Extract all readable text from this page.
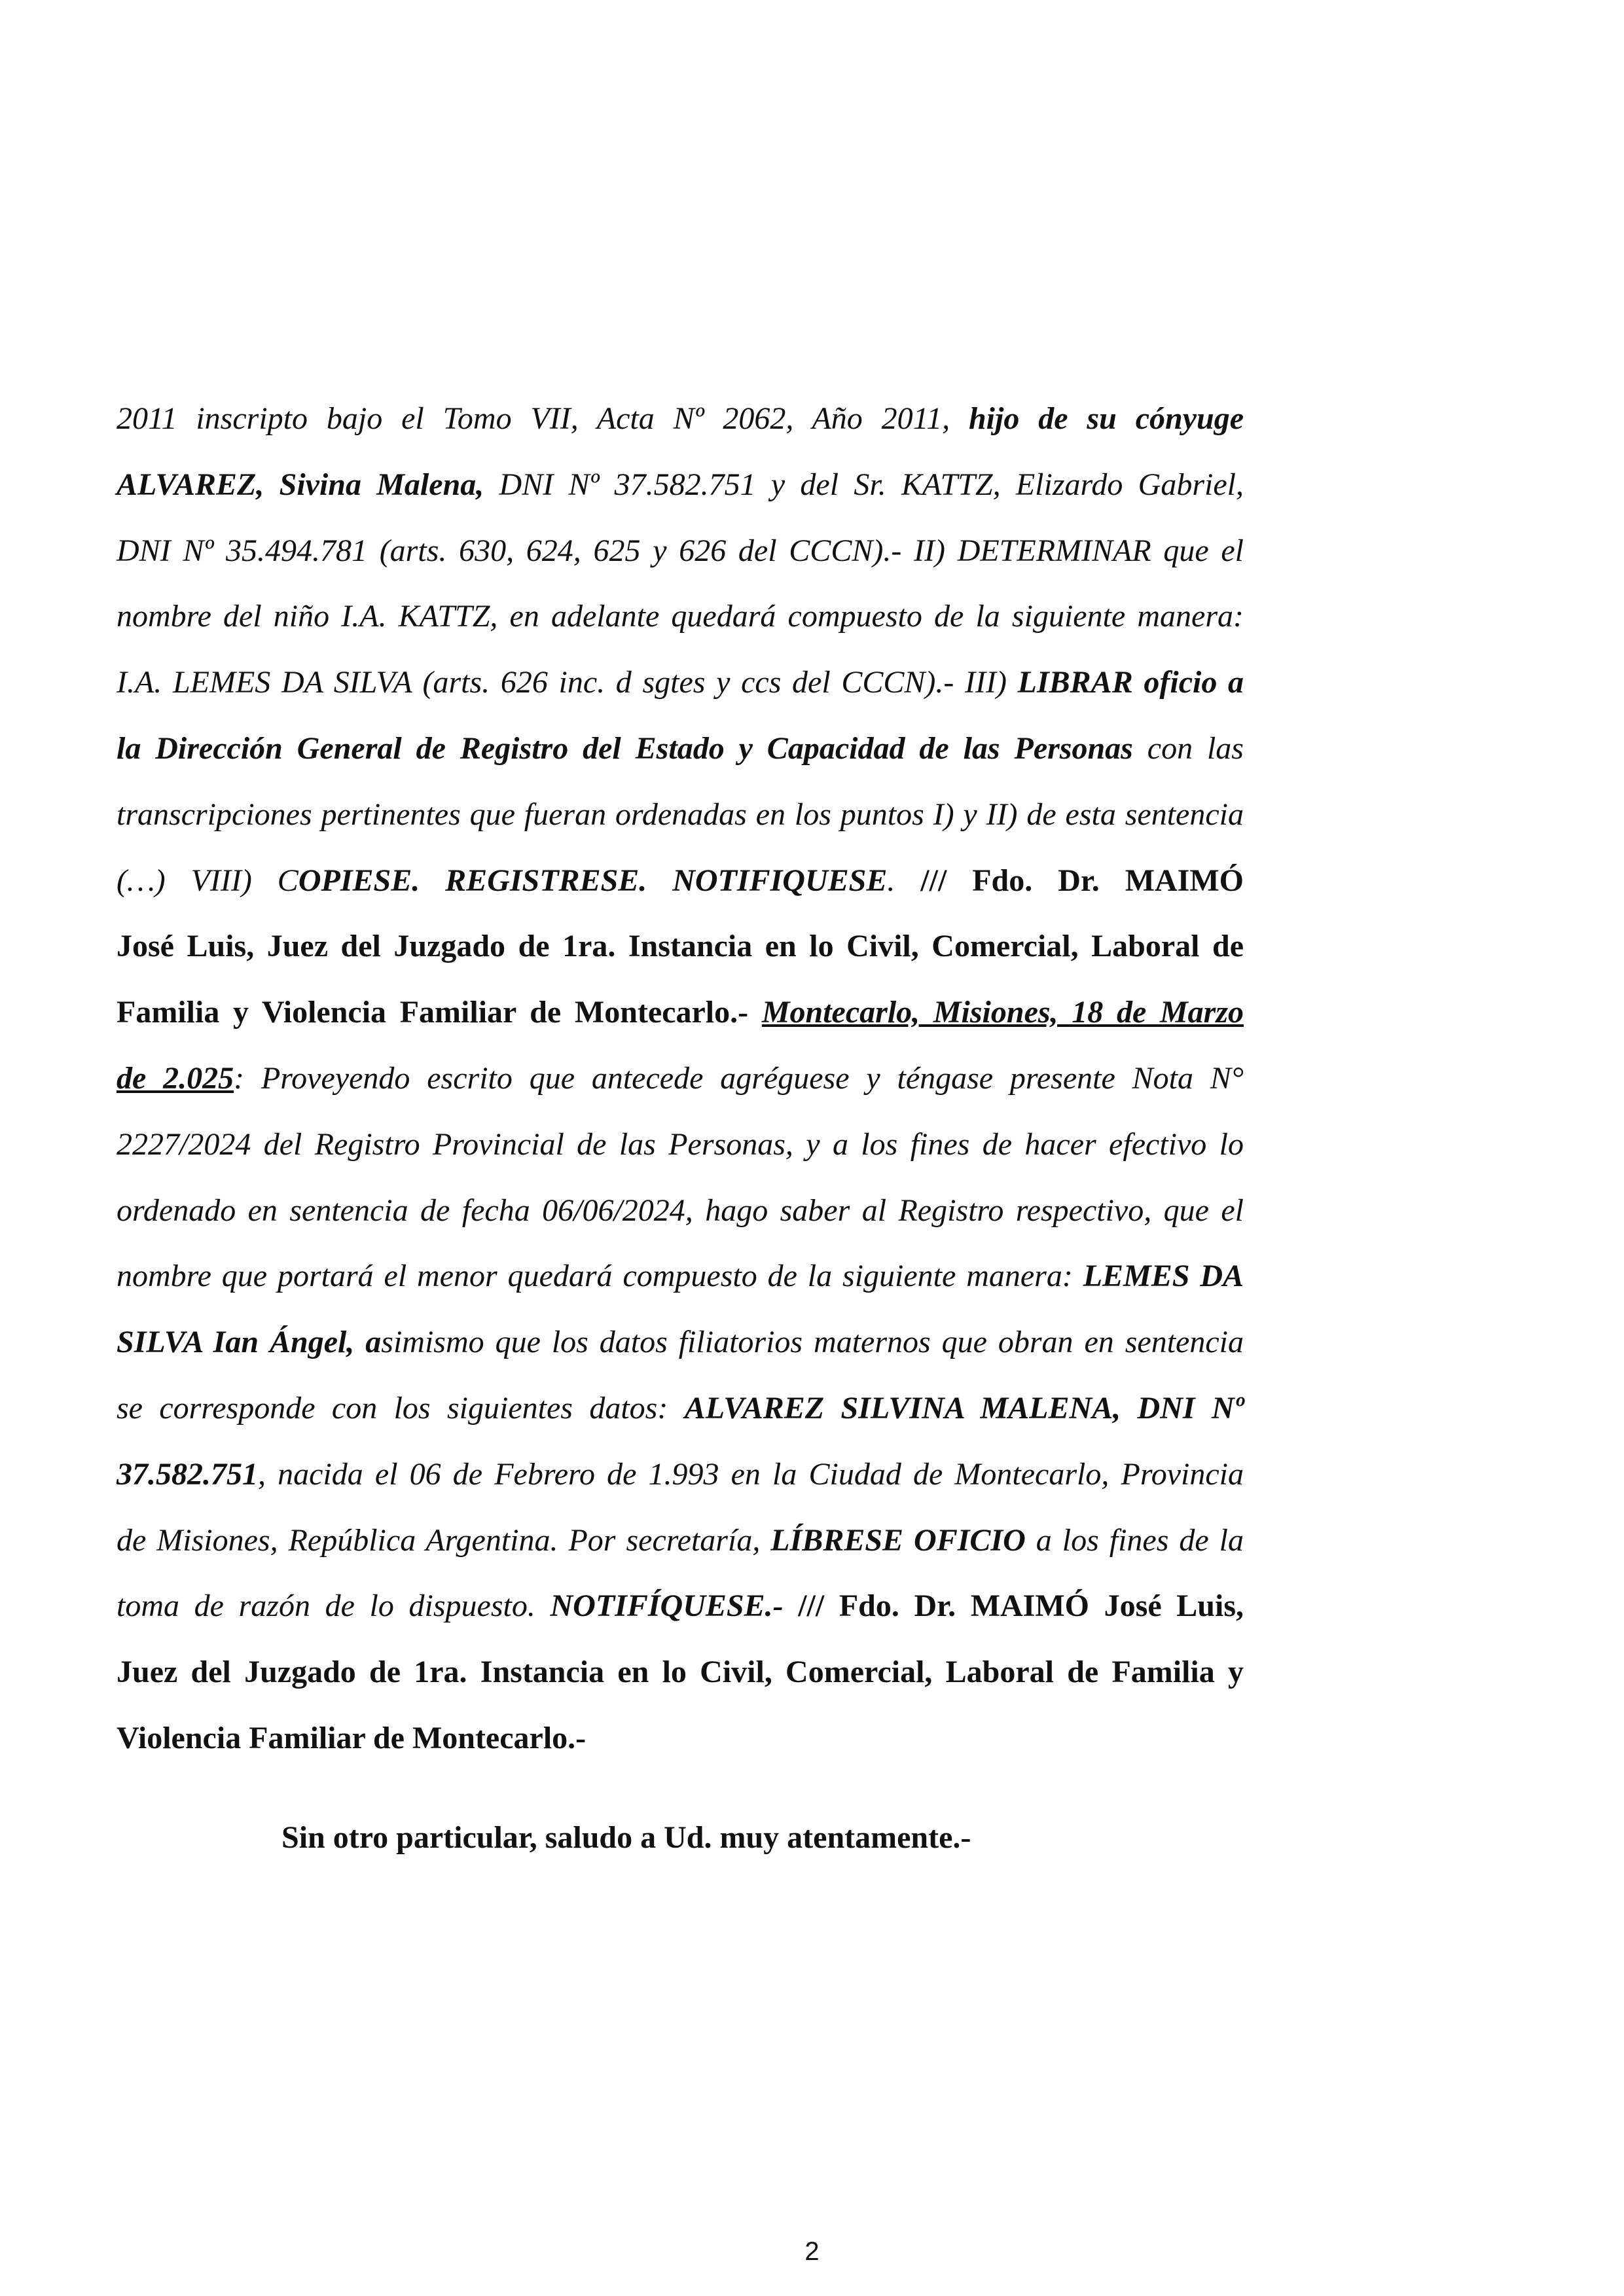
2011 inscripto bajo el Tomo VII, Acta Nº 2062, Año 2011, hijo de su cónyuge
ALVAREZ, Sivina Malena, DNI Nº 37.582.751 y del Sr. KATTZ, Elizardo Gabriel,
DNI Nº 35.494.781 (arts. 630, 624, 625 y 626 del CCCN).- II) DETERMINAR que el
nombre del niño I.A. KATTZ, en adelante quedará compuesto de la siguiente manera:
I.A. LEMES DA SILVA (arts. 626 inc. d sgtes y ccs del CCCN).- III) LIBRAR oficio a
la Dirección General de Registro del Estado y Capacidad de las Personas con las
transcripciones pertinentes que fueran ordenadas en los puntos I) y II) de esta sentencia
(…) VIII) COPIESE. REGISTRESE. NOTIFIQUESE. /// Fdo. Dr. MAIMÓ
José Luis, Juez del Juzgado de 1ra. Instancia en lo Civil, Comercial, Laboral de
Familia y Violencia Familiar de Montecarlo.- Montecarlo, Misiones, 18 de Marzo
de 2.025: Proveyendo escrito que antecede agréguese y téngase presente Nota N°
2227/2024 del Registro Provincial de las Personas, y a los fines de hacer efectivo lo
ordenado en sentencia de fecha 06/06/2024, hago saber al Registro respectivo, que el
nombre que portará el menor quedará compuesto de la siguiente manera: LEMES DA
SILVA Ian Ángel, asimismo que los datos filiatorios maternos que obran en sentencia
se corresponde con los siguientes datos: ALVAREZ SILVINA MALENA, DNI Nº
37.582.751, nacida el 06 de Febrero de 1.993 en la Ciudad de Montecarlo, Provincia
de Misiones, República Argentina. Por secretaría, LÍBRESE OFICIO a los fines de la
toma de razón de lo dispuesto. NOTIFÍQUESE.- /// Fdo. Dr. MAIMÓ José Luis,
Juez del Juzgado de 1ra. Instancia en lo Civil, Comercial, Laboral de Familia y
Violencia Familiar de Montecarlo.-
Sin otro particular, saludo a Ud. muy atentamente.-
2
